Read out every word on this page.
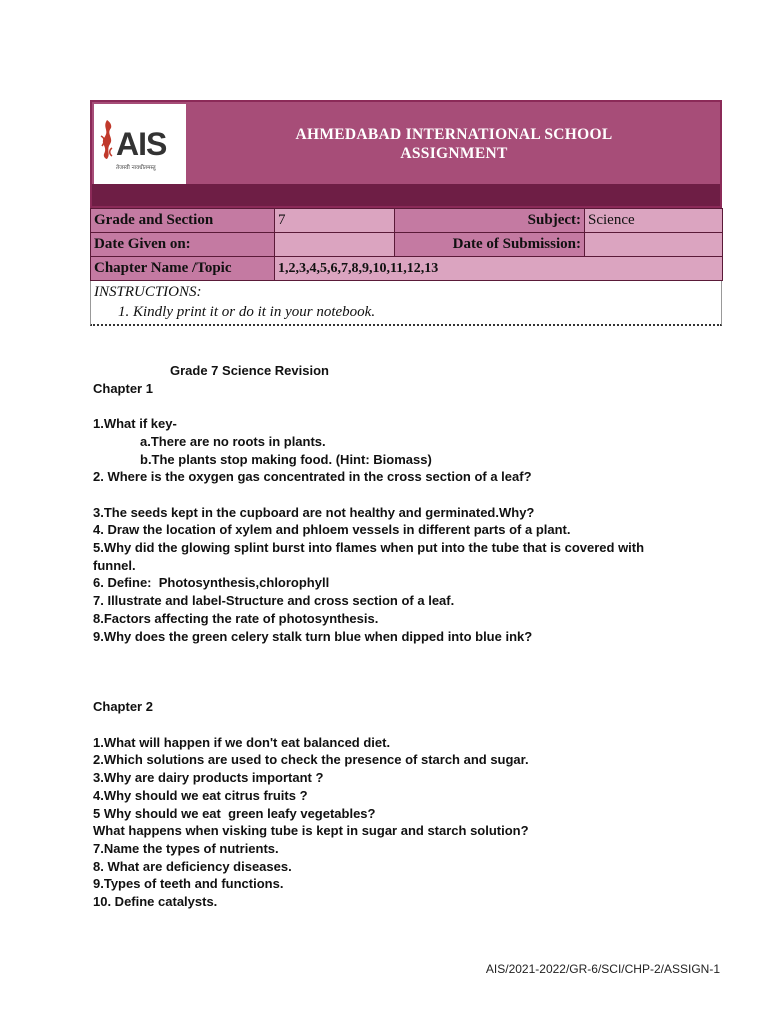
AIS
तेजस्वी नावधीतमस्तु
AHMEDABAD INTERNATIONAL SCHOOL
ASSIGNMENT
Grade and Section	7	Subject:	Science
Date Given on:		Date of Submission:	
Chapter Name /Topic	1,2,3,4,5,6,7,8,9,10,11,12,13		
INSTRUCTIONS:
1. Kindly print it or do it in your notebook.
Grade 7 Science Revision
Chapter 1

1.What if key-
a.There are no roots in plants.
b.The plants stop making food. (Hint: Biomass)
2. Where is the oxygen gas concentrated in the cross section of a leaf?

3.The seeds kept in the cupboard are not healthy and germinated.Why?
4. Draw the location of xylem and phloem vessels in different parts of a plant.
5.Why did the glowing splint burst into flames when put into the tube that is covered with
funnel.
6. Define:  Photosynthesis,chlorophyll
7. Illustrate and label-Structure and cross section of a leaf.
8.Factors affecting the rate of photosynthesis.
9.Why does the green celery stalk turn blue when dipped into blue ink?

Chapter 2

1.What will happen if we don't eat balanced diet.
2.Which solutions are used to check the presence of starch and sugar.
3.Why are dairy products important ?
4.Why should we eat citrus fruits ?
5 Why should we eat  green leafy vegetables?
What happens when visking tube is kept in sugar and starch solution?
7.Name the types of nutrients.
8. What are deficiency diseases.
9.Types of teeth and functions.
10. Define catalysts.
AIS/2021-2022/GR-6/SCI/CHP-2/ASSIGN-1
